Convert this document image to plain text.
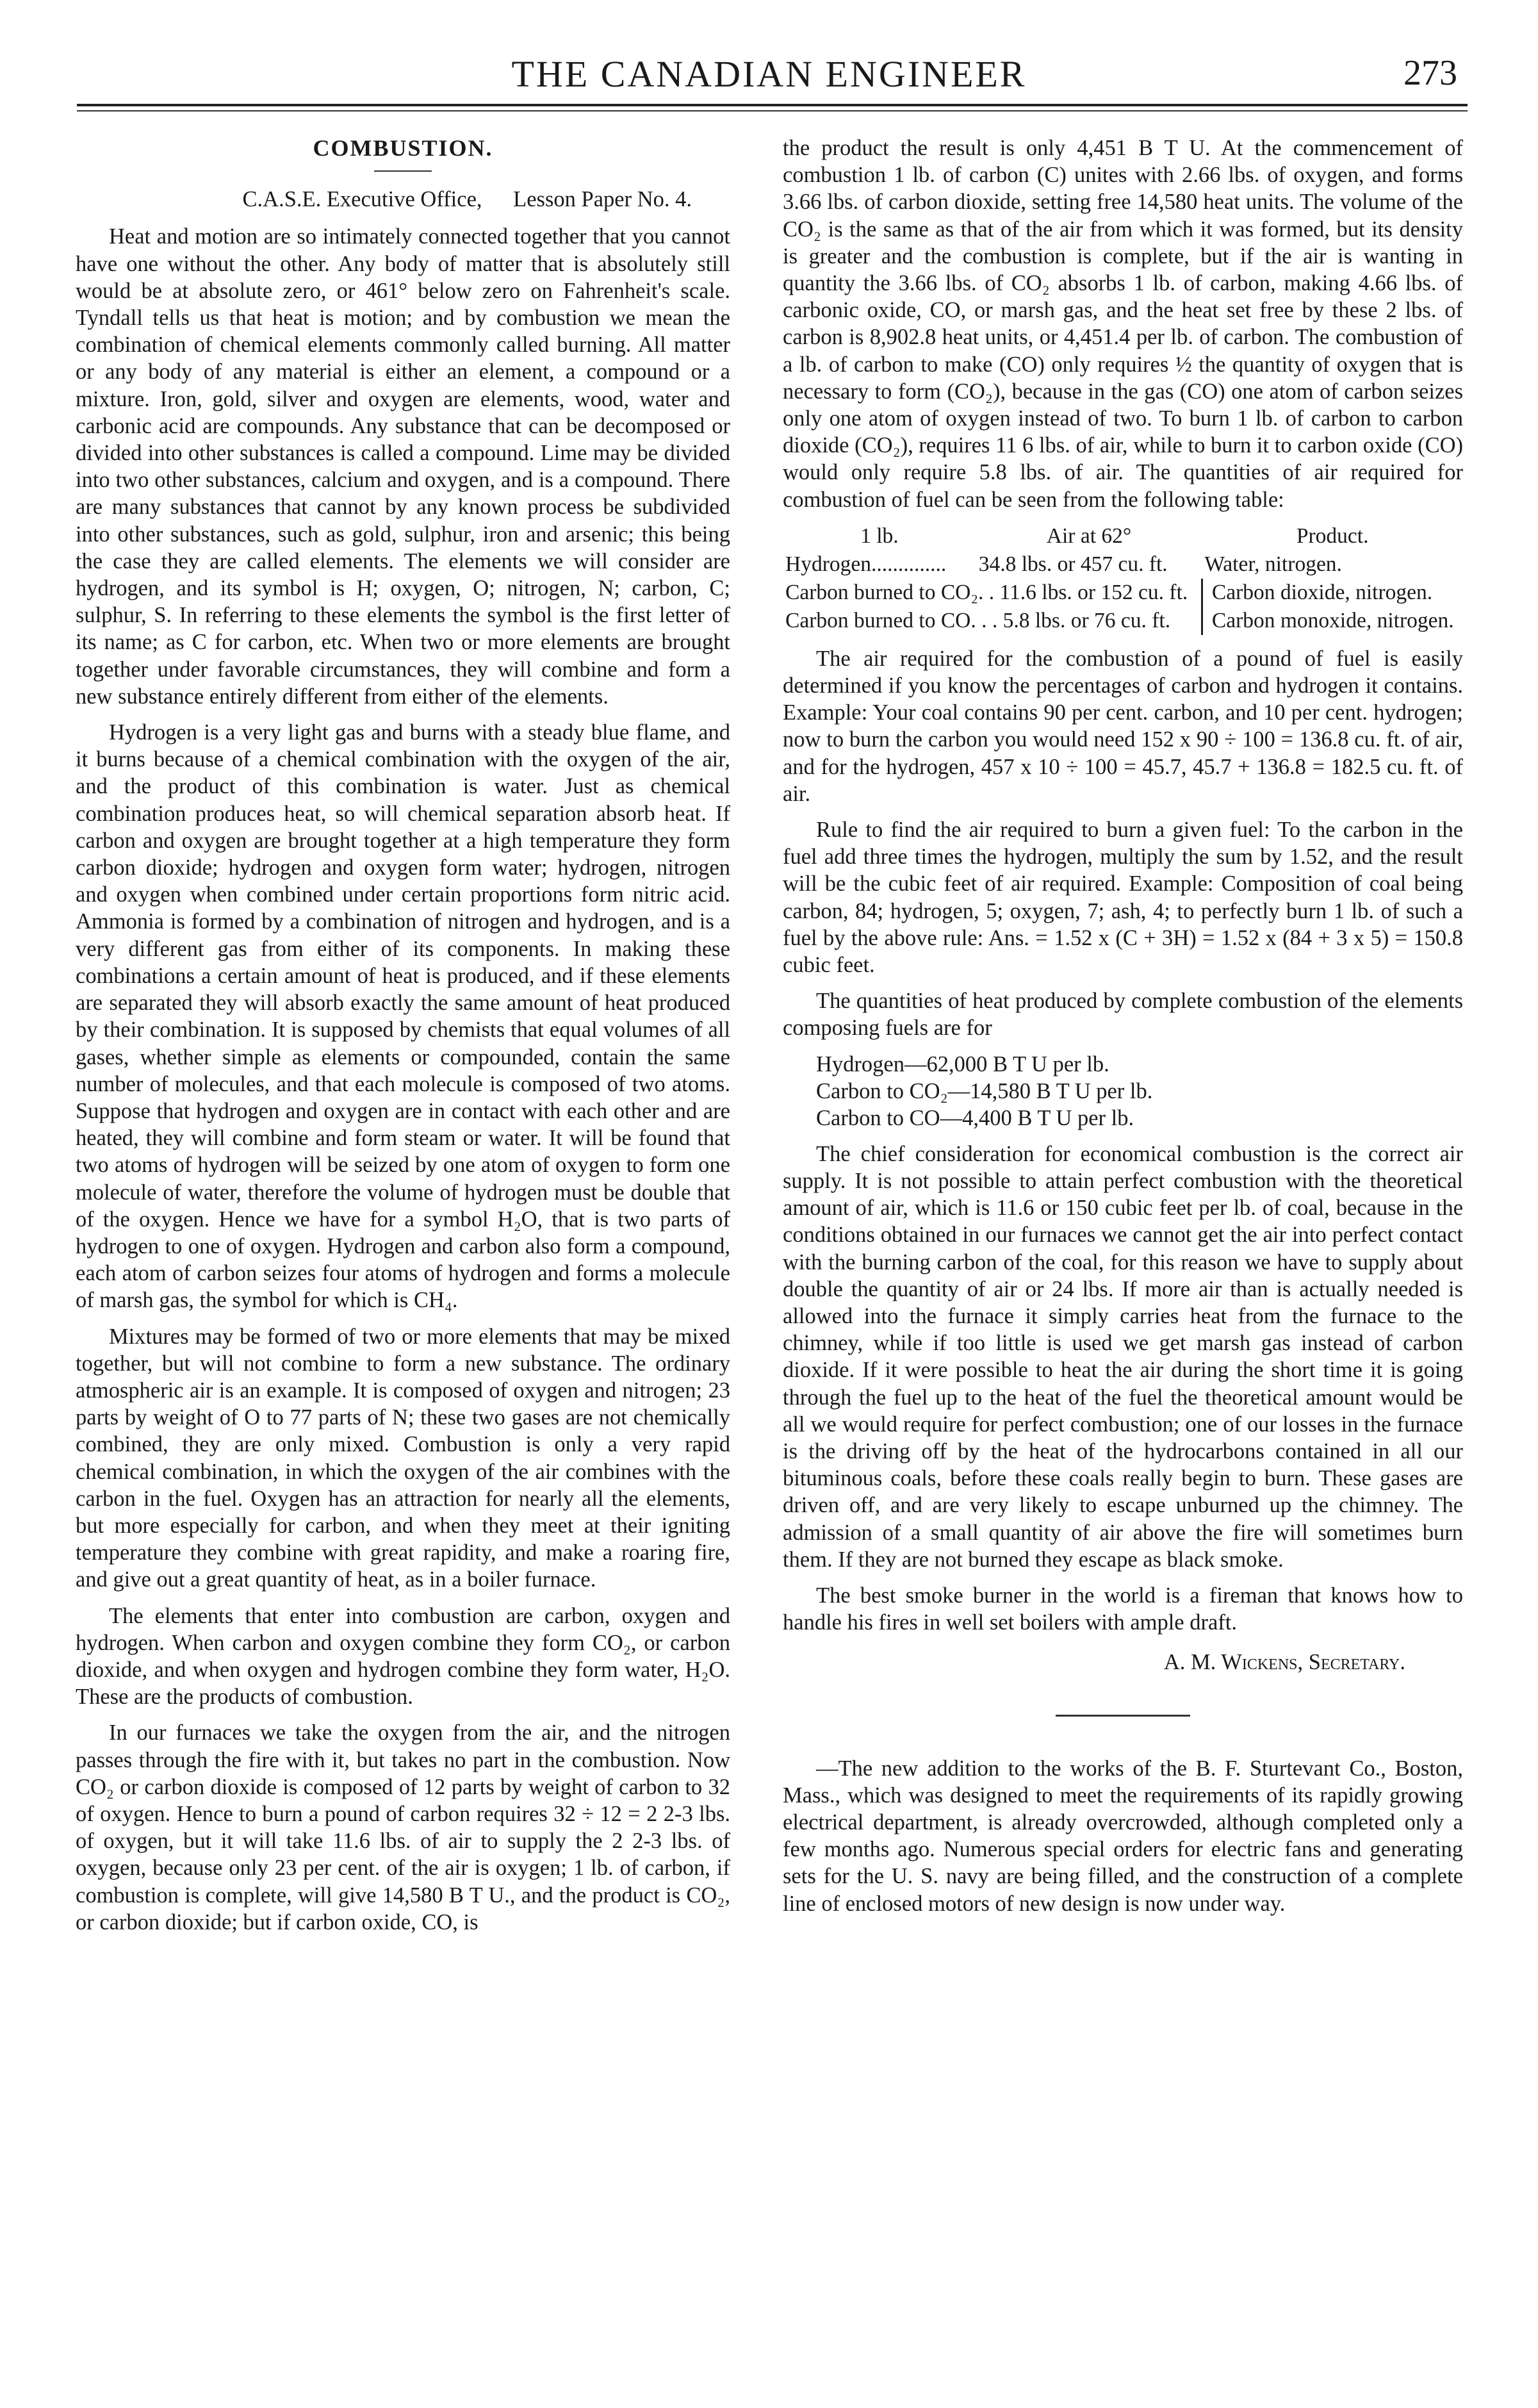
THE CANADIAN ENGINEER	273
COMBUSTION.
C.A.S.E. Executive Office, Lesson Paper No. 4.

Heat and motion are so intimately connected together that you cannot have one without the other. Any body of matter that is absolutely still would be at absolute zero, or 461° below zero on Fahrenheit's scale. Tyndall tells us that heat is motion; and by combustion we mean the combination of chemical elements commonly called burning. All matter or any body of any material is either an element, a compound or a mixture. Iron, gold, silver and oxygen are elements, wood, water and carbonic acid are compounds. Any substance that can be decomposed or divided into other substances is called a compound. Lime may be divided into two other substances, calcium and oxygen, and is a compound. There are many substances that cannot by any known process be subdivided into other substances, such as gold, sulphur, iron and arsenic; this being the case they are called elements. The elements we will consider are hydrogen, and its symbol is H; oxygen, O; nitrogen, N; carbon, C; sulphur, S. In referring to these elements the symbol is the first letter of its name; as C for carbon, etc. When two or more elements are brought together under favorable circumstances, they will combine and form a new substance entirely different from either of the elements.

Hydrogen is a very light gas and burns with a steady blue flame, and it burns because of a chemical combination with the oxygen of the air, and the product of this combination is water. Just as chemical combination produces heat, so will chemical separation absorb heat. If carbon and oxygen are brought together at a high temperature they form carbon dioxide; hydrogen and oxygen form water; hydrogen, nitrogen and oxygen when combined under certain proportions form nitric acid. Ammonia is formed by a combination of nitrogen and hydrogen, and is a very different gas from either of its components. In making these combinations a certain amount of heat is produced, and if these elements are separated they will absorb exactly the same amount of heat produced by their combination. It is supposed by chemists that equal volumes of all gases, whether simple as elements or compounded, contain the same number of molecules, and that each molecule is composed of two atoms. Suppose that hydrogen and oxygen are in contact with each other and are heated, they will combine and form steam or water. It will be found that two atoms of hydrogen will be seized by one atom of oxygen to form one molecule of water, therefore the volume of hydrogen must be double that of the oxygen. Hence we have for a symbol H₂O, that is two parts of hydrogen to one of oxygen. Hydrogen and carbon also form a compound, each atom of carbon seizes four atoms of hydrogen and forms a molecule of marsh gas, the symbol for which is CH₄.

Mixtures may be formed of two or more elements that may be mixed together, but will not combine to form a new substance. The ordinary atmospheric air is an example. It is composed of oxygen and nitrogen; 23 parts by weight of O to 77 parts of N; these two gases are not chemically combined, they are only mixed. Combustion is only a very rapid chemical combination, in which the oxygen of the air combines with the carbon in the fuel. Oxygen has an attraction for nearly all the elements, but more especially for carbon, and when they meet at their igniting temperature they combine with great rapidity, and make a roaring fire, and give out a great quantity of heat, as in a boiler furnace.

The elements that enter into combustion are carbon, oxygen and hydrogen. When carbon and oxygen combine they form CO₂, or carbon dioxide, and when oxygen and hydrogen combine they form water, H₂O. These are the products of combustion.

In our furnaces we take the oxygen from the air, and the nitrogen passes through the fire with it, but takes no part in the combustion. Now CO₂ or carbon dioxide is composed of 12 parts by weight of carbon to 32 of oxygen. Hence to burn a pound of carbon requires 32 ÷ 12 = 2 2-3 lbs. of oxygen, but it will take 11.6 lbs. of air to supply the 2 2-3 lbs. of oxygen, because only 23 per cent. of the air is oxygen; 1 lb. of carbon, if combustion is complete, will give 14,580 B T U., and the product is CO₂, or carbon dioxide; but if carbon oxide, CO, is

the product the result is only 4,451 B T U. At the commencement of combustion 1 lb. of carbon (C) unites with 2.66 lbs. of oxygen, and forms 3.66 lbs. of carbon dioxide, setting free 14,580 heat units. The volume of the CO₂ is the same as that of the air from which it was formed, but its density is greater and the combustion is complete, but if the air is wanting in quantity the 3.66 lbs. of CO₂ absorbs 1 lb. of carbon, making 4.66 lbs. of carbonic oxide, CO, or marsh gas, and the heat set free by these 2 lbs. of carbon is 8,902.8 heat units, or 4,451.4 per lb. of carbon. The combustion of a lb. of carbon to make (CO) only requires ½ the quantity of oxygen that is necessary to form (CO₂), because in the gas (CO) one atom of carbon seizes only one atom of oxygen instead of two. To burn 1 lb. of carbon to carbon dioxide (CO₂), requires 11 6 lbs. of air, while to burn it to carbon oxide (CO) would only require 5.8 lbs. of air. The quantities of air required for combustion of fuel can be seen from the following table:

1 lb.	Air at 62°	Product.
Hydrogen..............	34.8 lbs. or 457 cu. ft.	Water, nitrogen.
Carbon burned to CO₂. . 11.6 lbs. or 152 cu. ft.		Carbon dioxide, nitrogen.
Carbon burned to CO. . . 5.8 lbs. or 76 cu. ft.		Carbon monoxide, nitrogen.

The air required for the combustion of a pound of fuel is easily determined if you know the percentages of carbon and hydrogen it contains. Example: Your coal contains 90 per cent. carbon, and 10 per cent. hydrogen; now to burn the carbon you would need 152 x 90 ÷ 100 = 136.8 cu. ft. of air, and for the hydrogen, 457 x 10 ÷ 100 = 45.7, 45.7 + 136.8 = 182.5 cu. ft. of air.

Rule to find the air required to burn a given fuel: To the carbon in the fuel add three times the hydrogen, multiply the sum by 1.52, and the result will be the cubic feet of air required. Example: Composition of coal being carbon, 84; hydrogen, 5; oxygen, 7; ash, 4; to perfectly burn 1 lb. of such a fuel by the above rule: Ans. = 1.52 x (C + 3H) = 1.52 x (84 + 3 x 5) = 150.8 cubic feet.

The quantities of heat produced by complete combustion of the elements composing fuels are for

Hydrogen—62,000 B T U per lb.
Carbon to CO₂—14,580 B T U per lb.
Carbon to CO—4,400 B T U per lb.

The chief consideration for economical combustion is the correct air supply. It is not possible to attain perfect combustion with the theoretical amount of air, which is 11.6 or 150 cubic feet per lb. of coal, because in the conditions obtained in our furnaces we cannot get the air into perfect contact with the burning carbon of the coal, for this reason we have to supply about double the quantity of air or 24 lbs. If more air than is actually needed is allowed into the furnace it simply carries heat from the furnace to the chimney, while if too little is used we get marsh gas instead of carbon dioxide. If it were possible to heat the air during the short time it is going through the fuel up to the heat of the fuel the theoretical amount would be all we would require for perfect combustion; one of our losses in the furnace is the driving off by the heat of the hydrocarbons contained in all our bituminous coals, before these coals really begin to burn. These gases are driven off, and are very likely to escape unburned up the chimney. The admission of a small quantity of air above the fire will sometimes burn them. If they are not burned they escape as black smoke.

The best smoke burner in the world is a fireman that knows how to handle his fires in well set boilers with ample draft.

A. M. Wickens, Secretary.

—The new addition to the works of the B. F. Sturtevant Co., Boston, Mass., which was designed to meet the requirements of its rapidly growing electrical department, is already overcrowded, although completed only a few months ago. Numerous special orders for electric fans and generating sets for the U. S. navy are being filled, and the construction of a complete line of enclosed motors of new design is now under way.
